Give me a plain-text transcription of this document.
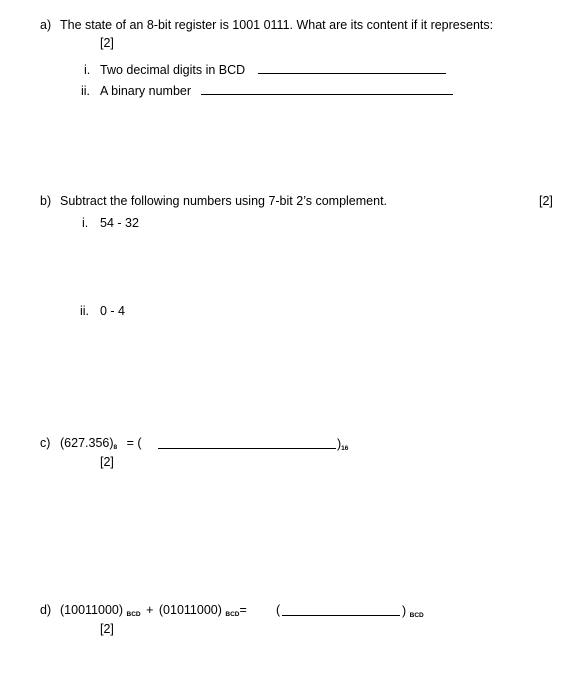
a) The state of an 8-bit register is 1001 0111. What are its content if it represents:
[2]
i. Two decimal digits in BCD
ii. A binary number
b) Subtract the following numbers using 7-bit 2’s complement.	[2]
i. 54 - 32
ii. 0 - 4
c) $(627.356)_8$ = (	)$_{16}$
[2]
d) (10011000) $_{BCD}$ + (01011000) $_{BCD}$= (	) $_{BCD}$
[2]
